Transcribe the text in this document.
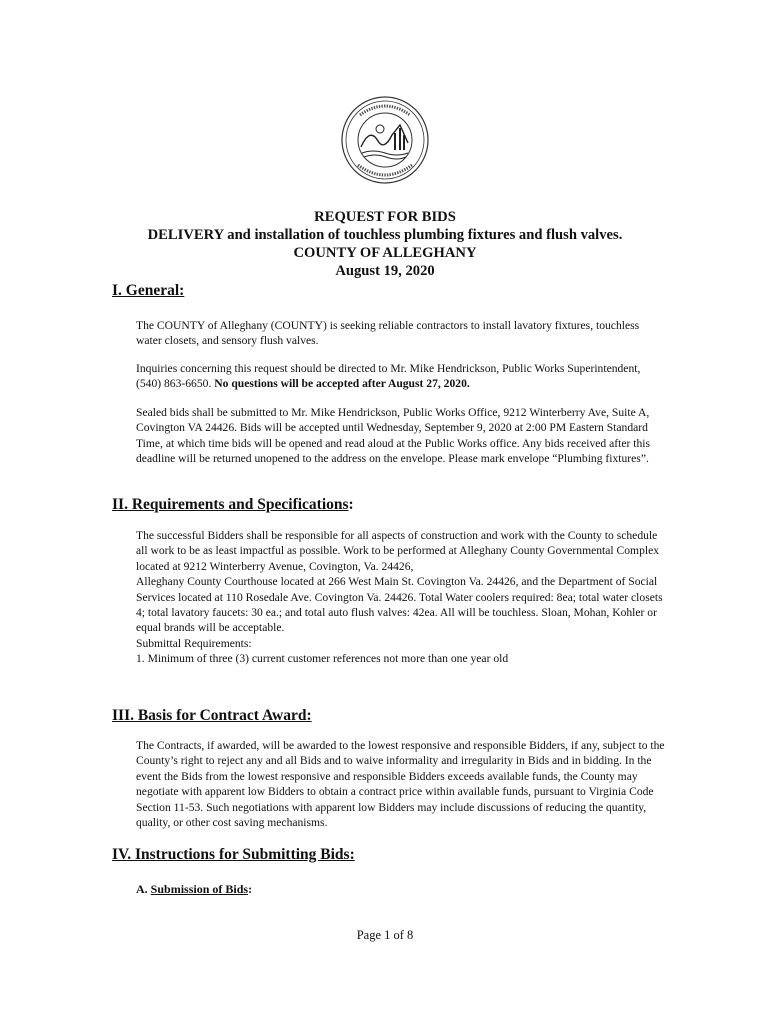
REQUEST FOR BIDS
DELIVERY and installation of touchless plumbing fixtures and flush valves.
COUNTY OF ALLEGHANY
August 19, 2020
I. General:
The COUNTY of Alleghany (COUNTY) is seeking reliable contractors to install lavatory fixtures, touchless water closets, and sensory flush valves.
Inquiries concerning this request should be directed to Mr. Mike Hendrickson, Public Works Superintendent, (540) 863-6650. No questions will be accepted after August 27, 2020.
Sealed bids shall be submitted to Mr. Mike Hendrickson, Public Works Office, 9212 Winterberry Ave, Suite A, Covington VA 24426. Bids will be accepted until Wednesday, September 9, 2020 at 2:00 PM Eastern Standard Time, at which time bids will be opened and read aloud at the Public Works office. Any bids received after this deadline will be returned unopened to the address on the envelope. Please mark envelope “Plumbing fixtures”.
II. Requirements and Specifications:
The successful Bidders shall be responsible for all aspects of construction and work with the County to schedule all work to be as least impactful as possible. Work to be performed at Alleghany County Governmental Complex located at 9212 Winterberry Avenue, Covington, Va. 24426,
Alleghany County Courthouse located at 266 West Main St. Covington Va. 24426, and the Department of Social Services located at 110 Rosedale Ave. Covington Va. 24426. Total Water coolers required: 8ea; total water closets 4; total lavatory faucets: 30 ea.; and total auto flush valves: 42ea. All will be touchless. Sloan, Mohan, Kohler or equal brands will be acceptable.
Submittal Requirements:
1. Minimum of three (3) current customer references not more than one year old
III. Basis for Contract Award:
The Contracts, if awarded, will be awarded to the lowest responsive and responsible Bidders, if any, subject to the County’s right to reject any and all Bids and to waive informality and irregularity in Bids and in bidding. In the event the Bids from the lowest responsive and responsible Bidders exceeds available funds, the County may negotiate with apparent low Bidders to obtain a contract price within available funds, pursuant to Virginia Code Section 11-53. Such negotiations with apparent low Bidders may include discussions of reducing the quantity, quality, or other cost saving mechanisms.
IV. Instructions for Submitting Bids:
A. Submission of Bids:
Page 1 of 8
